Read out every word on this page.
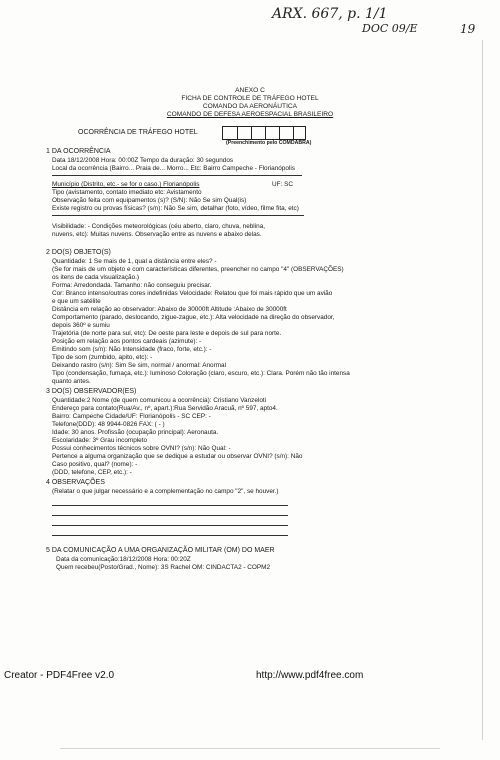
ARX. 667, p. 1/1
DOC 09/E	19
ANEXO C
FICHA DE CONTROLE DE TRÁFEGO HOTEL
COMANDO DA AERONÁUTICA
COMANDO DE DEFESA AEROESPACIAL BRASILEIRO
OCORRÊNCIA DE TRÁFEGO HOTEL
(Preenchimento pelo COMDABRA)
1 DA OCORRÊNCIA
Data 18/12/2008 Hora: 00:00Z Tempo da duração: 30 segundos
Local da ocorrência (Bairro... Praia de... Morro... Etc: Bairro Campeche - Florianópolis
Município (Distrito, etc.- se for o caso.) Florianópolis	UF: SC
Tipo (avistamento, contato imediato etc: Avistamento
Observação feita com equipamentos (s)? (S/N): Não Se sim Qual(is)
Existe registro ou provas físicas? (s/n): Não Se sim, detalhar (foto, vídeo, filme fita, etc)
Visibilidade: - Condições meteorológicas (céu aberto, claro, chuva, neblina,
nuvens, etc): Muitas nuvens. Observação entre as nuvens e abaixo delas.
2 DO(S) OBJETO(S)
Quantidade: 1 Se mais de 1, qual a distância entre eles? -
(Se for mais de um objeto e com características diferentes, preencher no campo "4" (OBSERVAÇÕES)
os itens de cada visualização.)
Forma: Arredondada. Tamanho: não conseguiu precisar.
Cor: Branco intenso/outras cores indefinidas Velocidade: Relatou que foi mais rápido que um avião
e que um satélite
Distância em relação ao observador: Abaixo de 30000ft Altitude :Abaixo de 30000ft
Comportamento (parado, deslocando, zigue-zague, etc.): Alta velocidade na direção do observador,
depois 360º e sumiu
Trajetória (de norte para sul, etc): De oeste para leste e depois de sul para norte.
Posição em relação aos pontos cardeais (azimute): -
Emitindo som (s/n): Não Intensidade (fraco, forte, etc.): -
Tipo de som (zumbido, apito, etc): -
Deixando rastro (s/n): Sim Se sim, normal / anormal: Anormal
Tipo (condensação, fumaça, etc.): luminoso Coloração (claro, escuro, etc.): Clara. Porém não tão intensa
quanto antes.
3 DO(S) OBSERVADOR(ES)
Quantidade:2 Nome (de quem comunicou a ocorrência): Cristiano Vanzeloti
Endereço para contato(Rua/Av., nº, apart.):Rua Servidão Aracuã, nº 597, apto4.
Bairro: Campeche Cidade/UF: Florianópolis - SC CEP: -
Telefone(DDD): 48 9944-0826 FAX: ( - )
Idade: 30 anos. Profissão (ocupação principal): Aeronauta.
Escolaridade: 3º Grau incompleto
Possui conhecimentos técnicos sobre OVNI? (s/n): Não Qual: -
Pertence a alguma organização que se dedique a estudar ou observar OVNI? (s/n): Não
Caso positivo, qual? (nome): -
(DDD, telefone, CEP, etc.): -
4 OBSERVAÇÕES
(Relatar o que julgar necessário e a complementação no campo "2", se houver.)
5 DA COMUNICAÇÃO A UMA ORGANIZAÇÃO MILITAR (OM) DO MAER
Data da comunicação:18/12/2008 Hora: 00:20Z
Quem recebeu(Posto/Grad., Nome): 3S Rachel OM: CINDACTA2 - COPM2
Creator - PDF4Free v2.0	http://www.pdf4free.com
